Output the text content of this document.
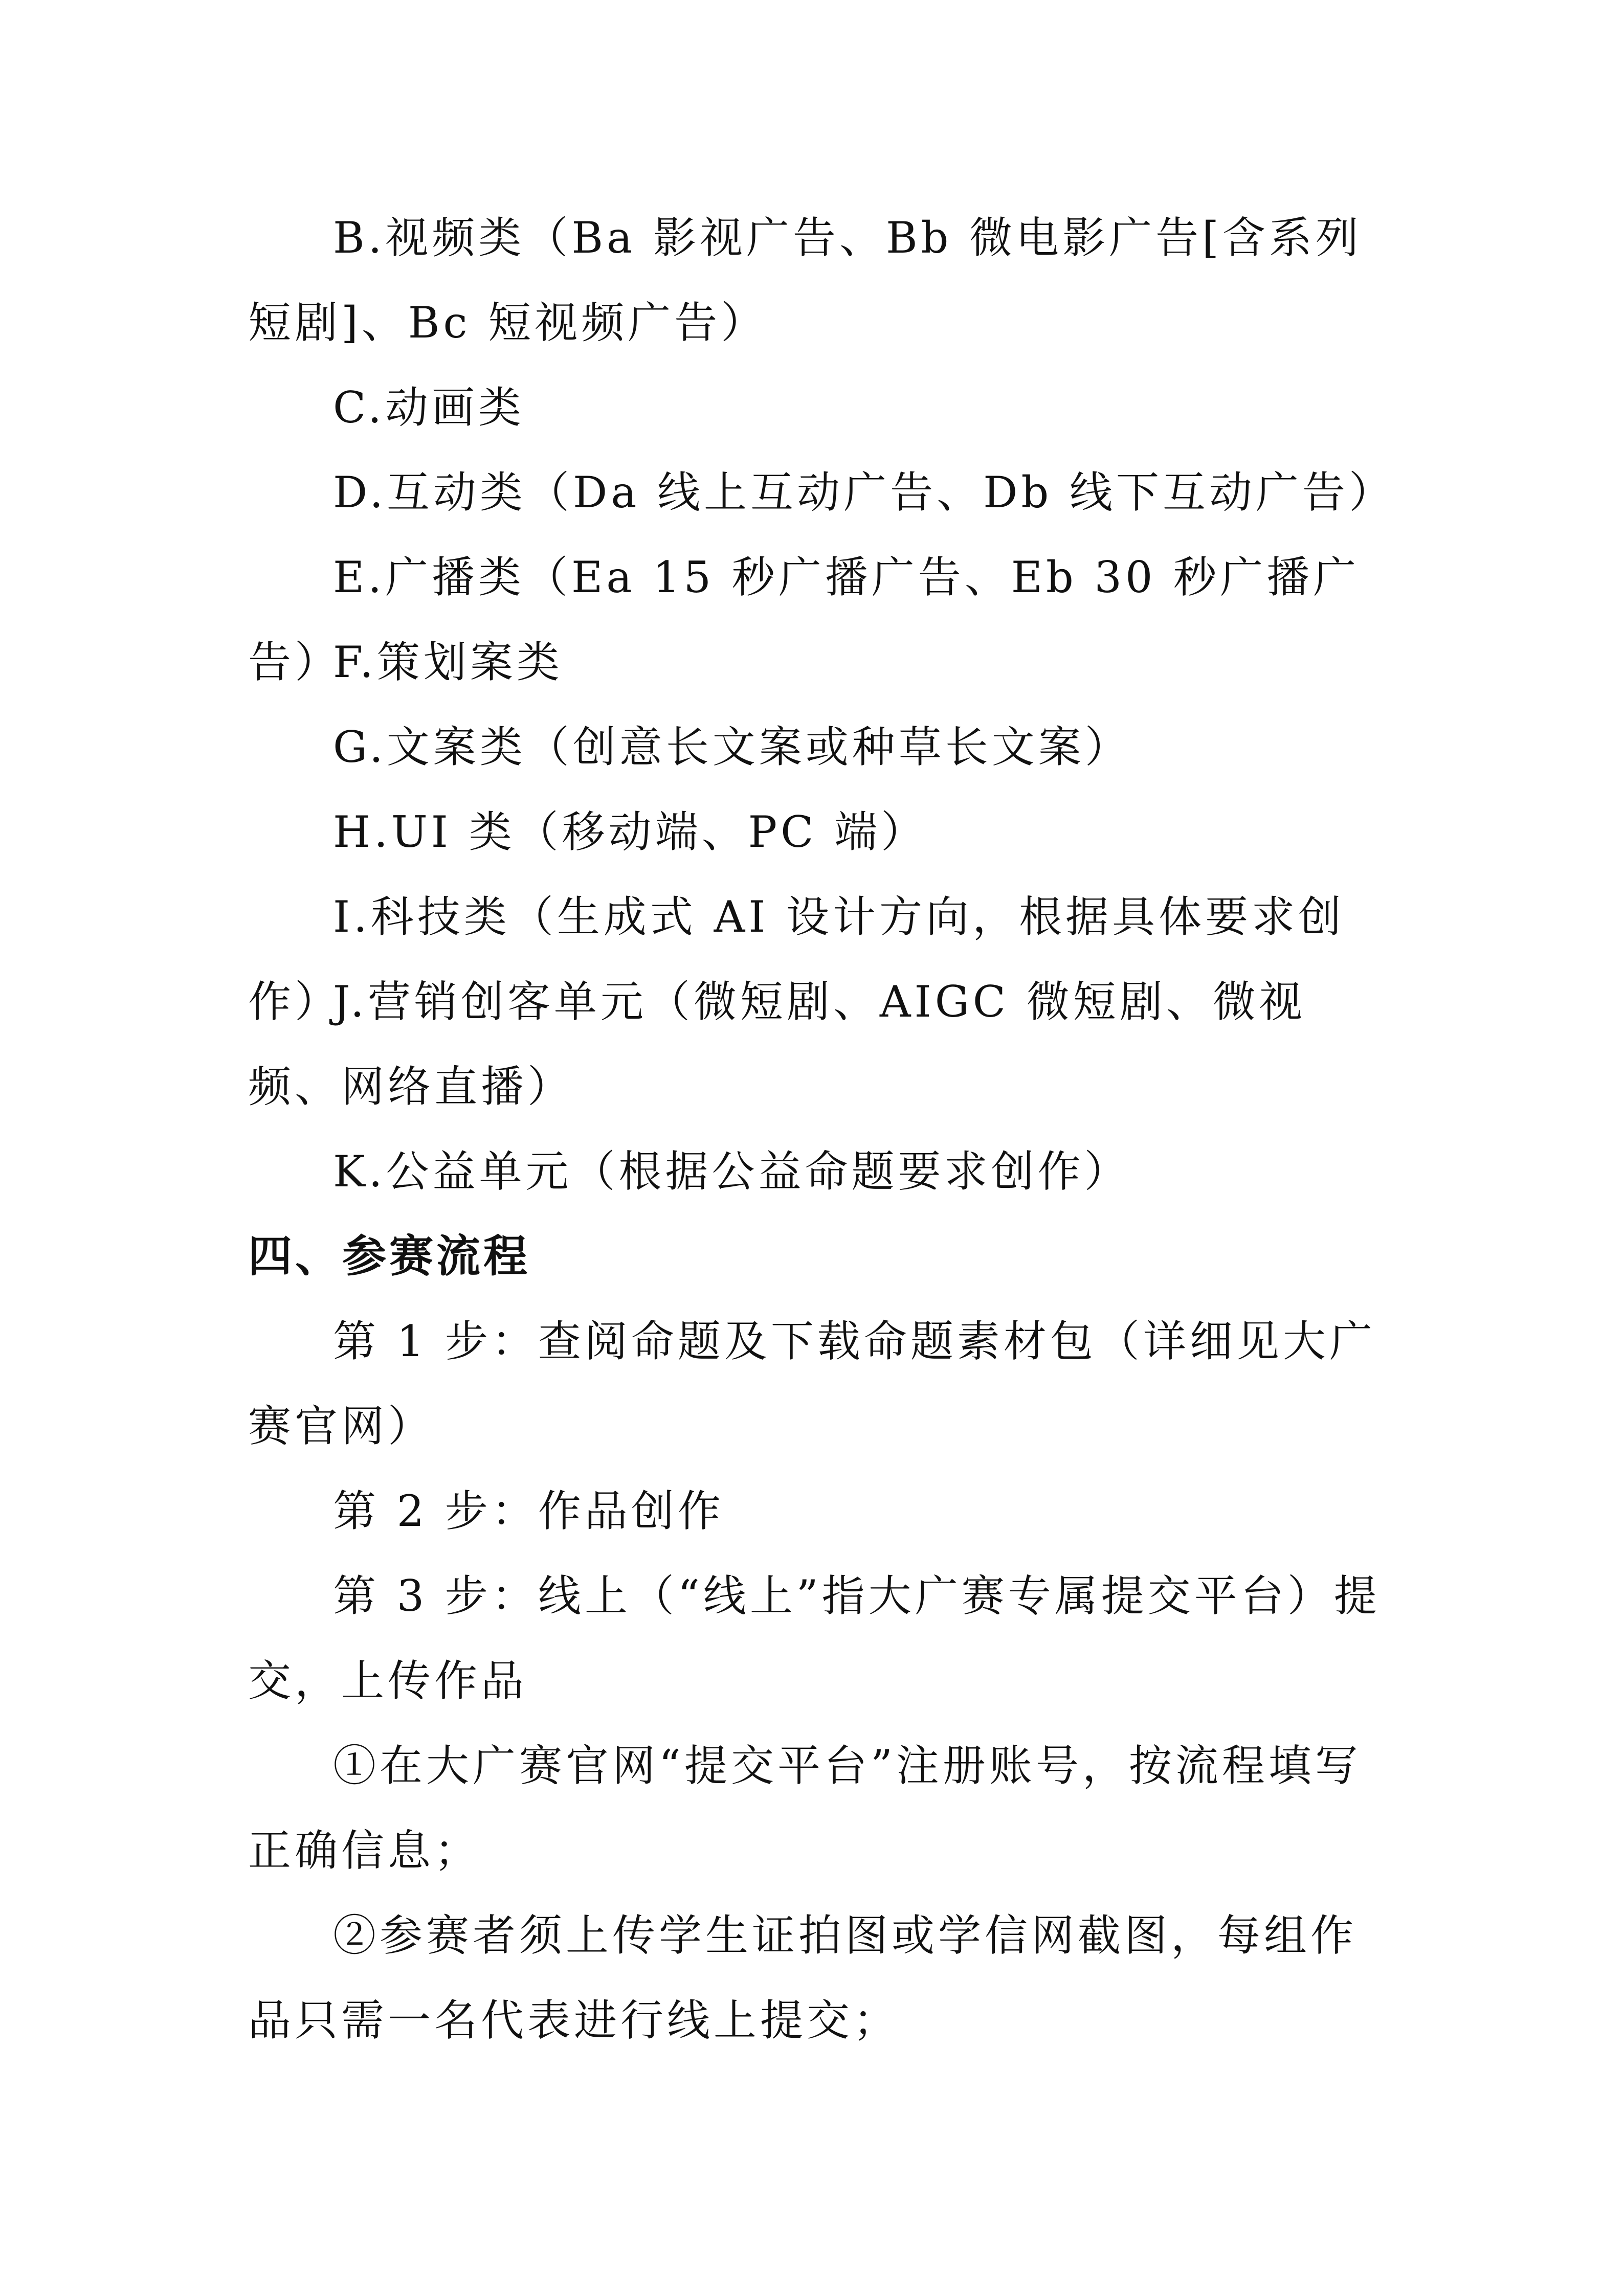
B.视频类（Ba 影视广告、Bb 微电影广告[含系列短剧]、Bc 短视频广告）
C.动画类
D.互动类（Da 线上互动广告、Db 线下互动广告）
E.广播类（Ea 15 秒广播广告、Eb 30 秒广播广告）
F.策划案类
G.文案类（创意长文案或种草长文案）
H.UI 类（移动端、PC 端）
I.科技类（生成式 AI 设计方向，根据具体要求创作）
J.营销创客单元（微短剧、AIGC 微短剧、微视频、网络直播）
K.公益单元（根据公益命题要求创作）
四、参赛流程
第 1 步：查阅命题及下载命题素材包（详细见大广赛官网）
第 2 步：作品创作
第 3 步：线上（“线上”指大广赛专属提交平台）提交，上传作品
①在大广赛官网“提交平台”注册账号，按流程填写正确信息；
②参赛者须上传学生证拍图或学信网截图，每组作品只需一名代表进行线上提交；
